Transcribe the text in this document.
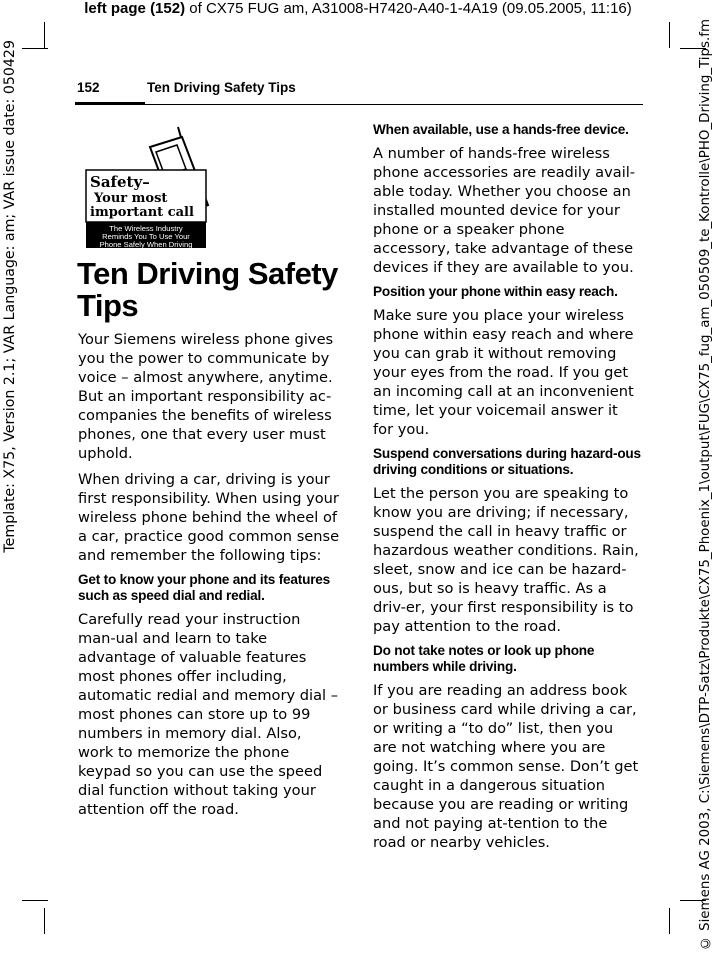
left page (152) of CX75 FUG am, A31008-H7420-A40-1-4A19 (09.05.2005, 11:16)
Template: X75, Version 2.1; VAR Language: am; VAR issue date: 050429	© Siemens AG 2003, C:\Siemens\DTP-Satz\Produkte\CX75_Phoenix_1\output\FUG\CX75_fug_am_050509_te_Kontrolle\PHO_Driving_Tips.fm
152	Ten Driving Safety Tips
Safety–
Your most
important call
The Wireless Industry
Reminds You To Use Your
Phone Safely When Driving
Ten Driving Safety Tips

Your Siemens wireless phone gives you the power to communicate by voice – almost anywhere, anytime. But an important responsibility ac-companies the benefits of wireless phones, one that every user must uphold.

When driving a car, driving is your first responsibility. When using your wireless phone behind the wheel of a car, practice good common sense and remember the following tips:

Get to know your phone and its features such as speed dial and redial.

Carefully read your instruction man-ual and learn to take advantage of valuable features most phones offer including, automatic redial and memory dial – most phones can store up to 99 numbers in memory dial. Also, work to memorize the phone keypad so you can use the speed dial function without taking your attention off the road.

When available, use a hands-free device.

A number of hands-free wireless phone accessories are readily avail-able today. Whether you choose an installed mounted device for your phone or a speaker phone accessory, take advantage of these devices if they are available to you.

Position your phone within easy reach.

Make sure you place your wireless phone within easy reach and where you can grab it without removing your eyes from the road. If you get an incoming call at an inconvenient time, let your voicemail answer it for you.

Suspend conversations during hazard-ous driving conditions or situations.

Let the person you are speaking to know you are driving; if necessary, suspend the call in heavy traffic or hazardous weather conditions. Rain, sleet, snow and ice can be hazard-ous, but so is heavy traffic. As a driv-er, your first responsibility is to pay attention to the road.

Do not take notes or look up phone numbers while driving.

If you are reading an address book or business card while driving a car, or writing a “to do” list, then you are not watching where you are going. It’s common sense. Don’t get caught in a dangerous situation because you are reading or writing and not paying at-tention to the road or nearby vehicles.
